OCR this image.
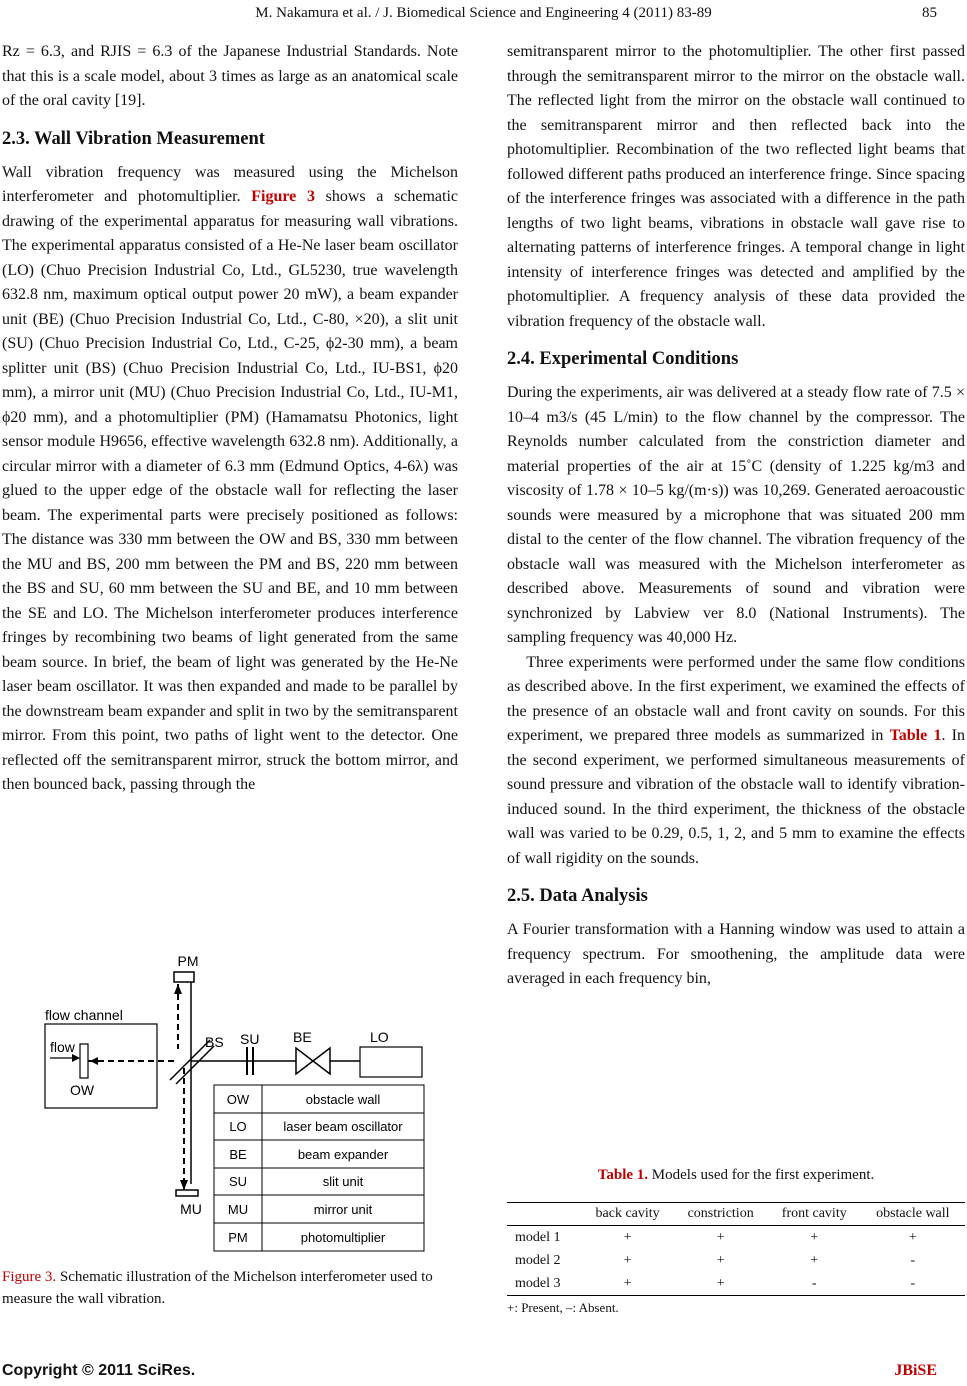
M. Nakamura et al. / J. Biomedical Science and Engineering 4 (2011) 83-89	85

Rz = 6.3, and RJIS = 6.3 of the Japanese Industrial Standards. Note that this is a scale model, about 3 times as large as an anatomical scale of the oral cavity [19].

2.3. Wall Vibration Measurement

Wall vibration frequency was measured using the Michelson interferometer and photomultiplier. Figure 3 shows a schematic drawing of the experimental apparatus for measuring wall vibrations. The experimental apparatus consisted of a He-Ne laser beam oscillator (LO) (Chuo Precision Industrial Co, Ltd., GL5230, true wavelength 632.8 nm, maximum optical output power 20 mW), a beam expander unit (BE) (Chuo Precision Industrial Co, Ltd., C-80, ×20), a slit unit (SU) (Chuo Precision Industrial Co, Ltd., C-25, ϕ2-30 mm), a beam splitter unit (BS) (Chuo Precision Industrial Co, Ltd., IU-BS1, ϕ20 mm), a mirror unit (MU) (Chuo Precision Industrial Co, Ltd., IU-M1, ϕ20 mm), and a photomultiplier (PM) (Hamamatsu Photonics, light sensor module H9656, effective wavelength 632.8 nm). Additionally, a circular mirror with a diameter of 6.3 mm (Edmund Optics, 4-6λ) was glued to the upper edge of the obstacle wall for reflecting the laser beam. The experimental parts were precisely positioned as follows: The distance was 330 mm between the OW and BS, 330 mm between the MU and BS, 200 mm between the PM and BS, 220 mm between the BS and SU, 60 mm between the SU and BE, and 10 mm between the SE and LO. The Michelson interferometer produces interference fringes by recombining two beams of light generated from the same beam source. In brief, the beam of light was generated by the He-Ne laser beam oscillator. It was then expanded and made to be parallel by the downstream beam expander and split in two by the semitransparent mirror. From this point, two paths of light went to the detector. One reflected off the semitransparent mirror, struck the bottom mirror, and then bounced back, passing through the

PM
flow channel
flow
OW
BS SU BE	LO
MU
OW	obstacle wall
LO	laser beam oscillator
BE	beam expander
SU	slit unit
MU	mirror unit
PM	photomultiplier
Figure 3. Schematic illustration of the Michelson interferometer used to measure the wall vibration.

semitransparent mirror to the photomultiplier. The other first passed through the semitransparent mirror to the mirror on the obstacle wall. The reflected light from the mirror on the obstacle wall continued to the semitransparent mirror and then reflected back into the photomultiplier. Recombination of the two reflected light beams that followed different paths produced an interference fringe. Since spacing of the interference fringes was associated with a difference in the path lengths of two light beams, vibrations in obstacle wall gave rise to alternating patterns of interference fringes. A temporal change in light intensity of interference fringes was detected and amplified by the photomultiplier. A frequency analysis of these data provided the vibration frequency of the obstacle wall.

2.4. Experimental Conditions

During the experiments, air was delivered at a steady flow rate of 7.5 × 10–4 m3/s (45 L/min) to the flow channel by the compressor. The Reynolds number calculated from the constriction diameter and material properties of the air at 15˚C (density of 1.225 kg/m3 and viscosity of 1.78 × 10–5 kg/(m·s)) was 10,269. Generated aeroacoustic sounds were measured by a microphone that was situated 200 mm distal to the center of the flow channel. The vibration frequency of the obstacle wall was measured with the Michelson interferometer as described above. Measurements of sound and vibration were synchronized by Labview ver 8.0 (National Instruments). The sampling frequency was 40,000 Hz.

Three experiments were performed under the same flow conditions as described above. In the first experiment, we examined the effects of the presence of an obstacle wall and front cavity on sounds. For this experiment, we prepared three models as summarized in Table 1. In the second experiment, we performed simultaneous measurements of sound pressure and vibration of the obstacle wall to identify vibration-induced sound. In the third experiment, the thickness of the obstacle wall was varied to be 0.29, 0.5, 1, 2, and 5 mm to examine the effects of wall rigidity on the sounds.

2.5. Data Analysis

A Fourier transformation with a Hanning window was used to attain a frequency spectrum. For smoothening, the amplitude data were averaged in each frequency bin,

Table 1. Models used for the first experiment.
	back cavity	constriction	front cavity	obstacle wall
model 1	+	+	+	+
model 2	+	+	+	-
model 3	+	+	-	-
+: Present, –: Absent.
Copyright © 2011 SciRes.	JBiSE
